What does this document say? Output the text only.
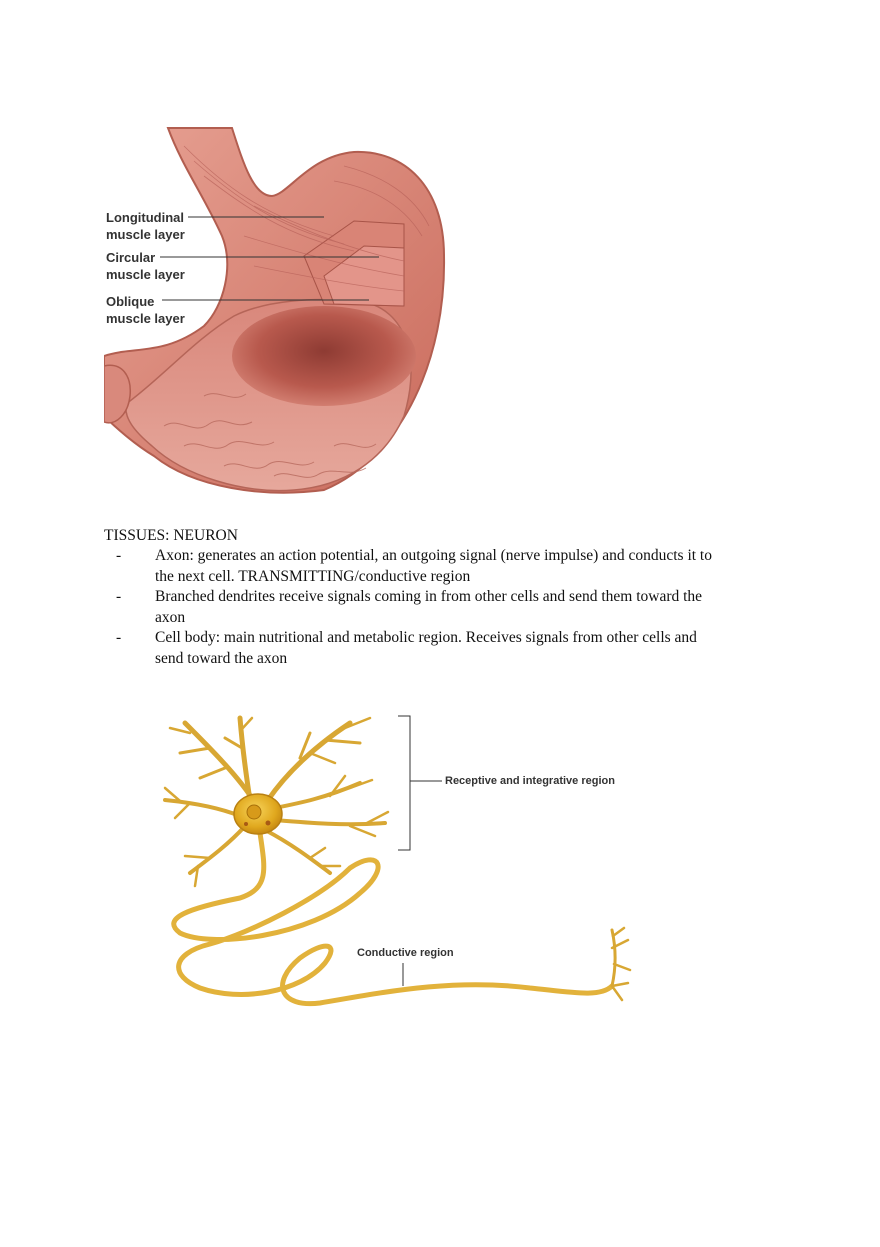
Longitudinal
muscle layer
Circular
muscle layer
Oblique
muscle layer
TISSUES: NEURON
- Axon: generates an action potential, an outgoing signal (nerve impulse) and conducts it to the next cell. TRANSMITTING/conductive region
- Branched dendrites receive signals coming in from other cells and send them toward the axon
- Cell body: main nutritional and metabolic region. Receives signals from other cells and send toward the axon
Receptive and integrative region
Conductive region
